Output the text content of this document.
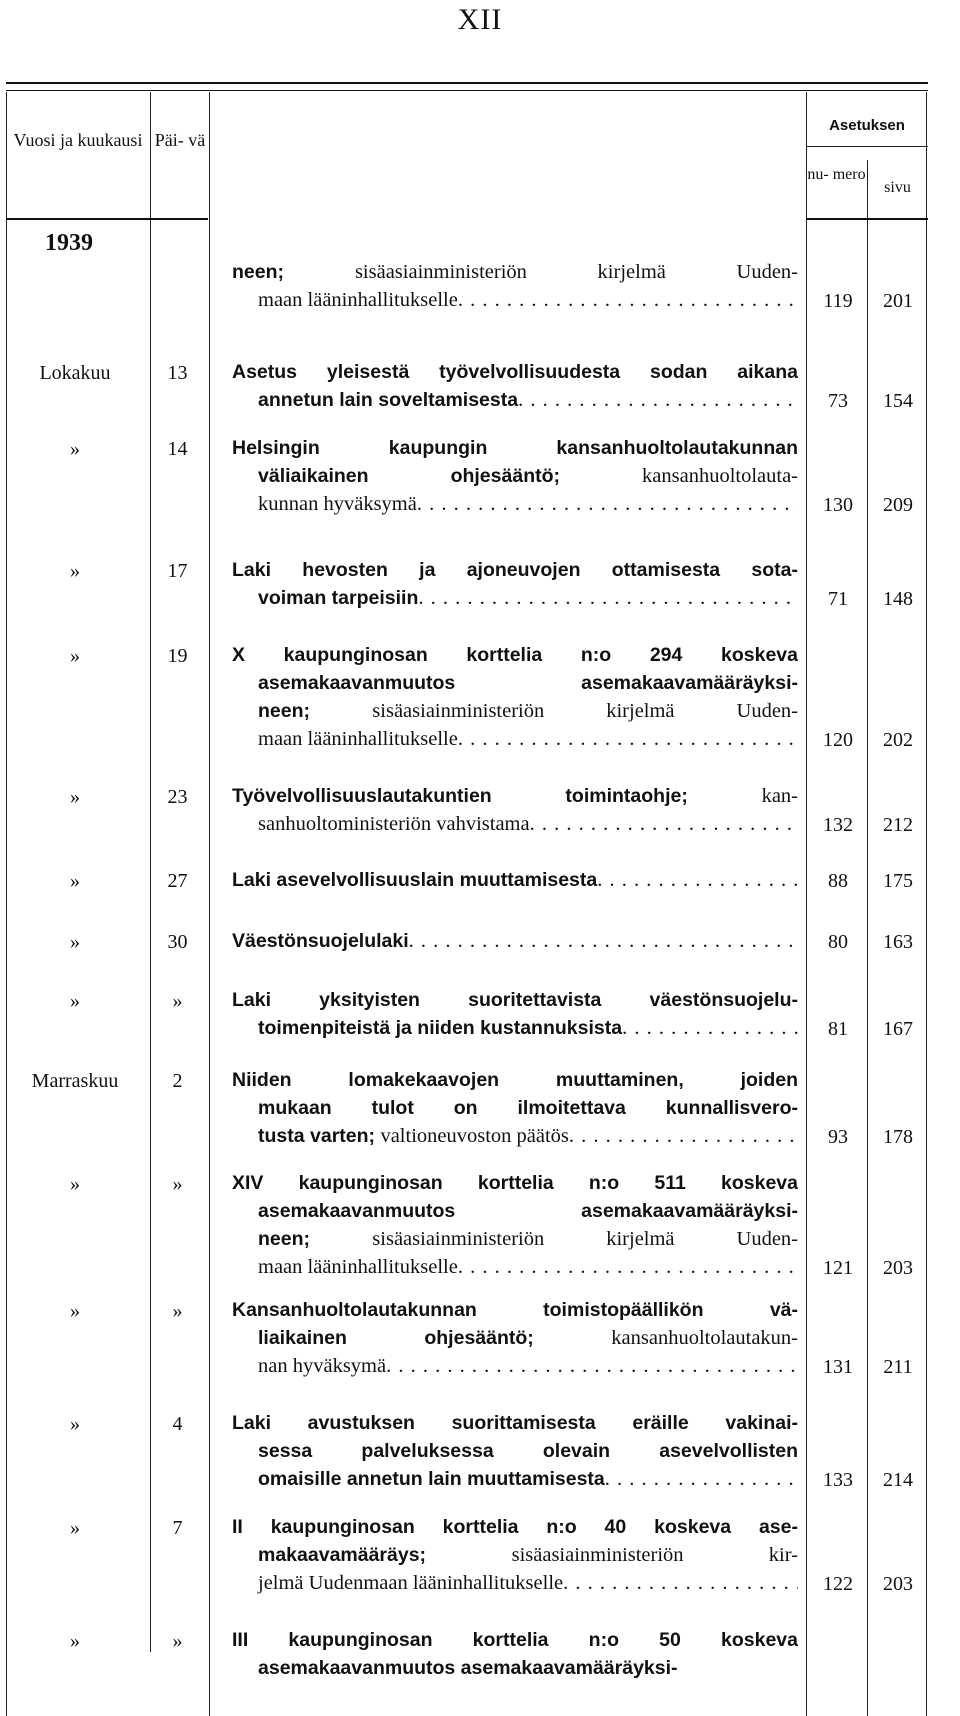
XII
Vuosi ja kuukausi Päi- vä
Asetuksen
nu- mero
sivu
1939
neen; sisäasiainministeriön kirjelmä Uuden-
maan lääninhallitukselle . . .	119	201
Lokakuu	13	Asetus yleisestä työvelvollisuudesta sodan aikana
annetun lain soveltamisesta . . .	73	154
»	14	Helsingin kaupungin kansanhuoltolautakunnan
väliaikainen ohjesääntö; kansanhuoltolauta-
kunnan hyväksymä . . .	130	209
»	17	Laki hevosten ja ajoneuvojen ottamisesta sota-
voiman tarpeisiin . . .	71	148
»	19	X kaupunginosan korttelia n:o 294 koskeva
asemakaavanmuutos asemakaavamääräyksi-
neen; sisäasiainministeriön kirjelmä Uuden-
maan lääninhallitukselle . . .	120	202
»	23	Työvelvollisuuslautakuntien toimintaohje; kan-
sanhuoltoministeriön vahvistama . . .	132	212
»	27	Laki asevelvollisuuslain muuttamisesta . . .	88	175
»	30	Väestönsuojelulaki . . .	80	163
»	»	Laki yksityisten suoritettavista väestönsuojelu-
toimenpiteistä ja niiden kustannuksista . . .	81	167
Marraskuu	2	Niiden lomakekaavojen muuttaminen, joiden
mukaan tulot on ilmoitettava kunnallisvero-
tusta varten; valtioneuvoston päätös . . .	93	178
»	»	XIV kaupunginosan korttelia n:o 511 koskeva
asemakaavanmuutos asemakaavamääräyksi-
neen; sisäasiainministeriön kirjelmä Uuden-
maan lääninhallitukselle . . .	121	203
»	»	Kansanhuoltolautakunnan toimistopäällikön vä-
liaikainen ohjesääntö; kansanhuoltolautakun-
nan hyväksymä . . .	131	211
»	4	Laki avustuksen suorittamisesta eräille vakinai-
sessa palveluksessa olevain asevelvollisten
omaisille annetun lain muuttamisesta . . .	133	214
»	7	II kaupunginosan korttelia n:o 40 koskeva ase-
makaavamääräys; sisäasiainministeriön kir-
jelmä Uudenmaan lääninhallitukselle . . .	122	203
»	»	III kaupunginosan korttelia n:o 50 koskeva
asemakaavanmuutos asemakaavamääräyksi-
